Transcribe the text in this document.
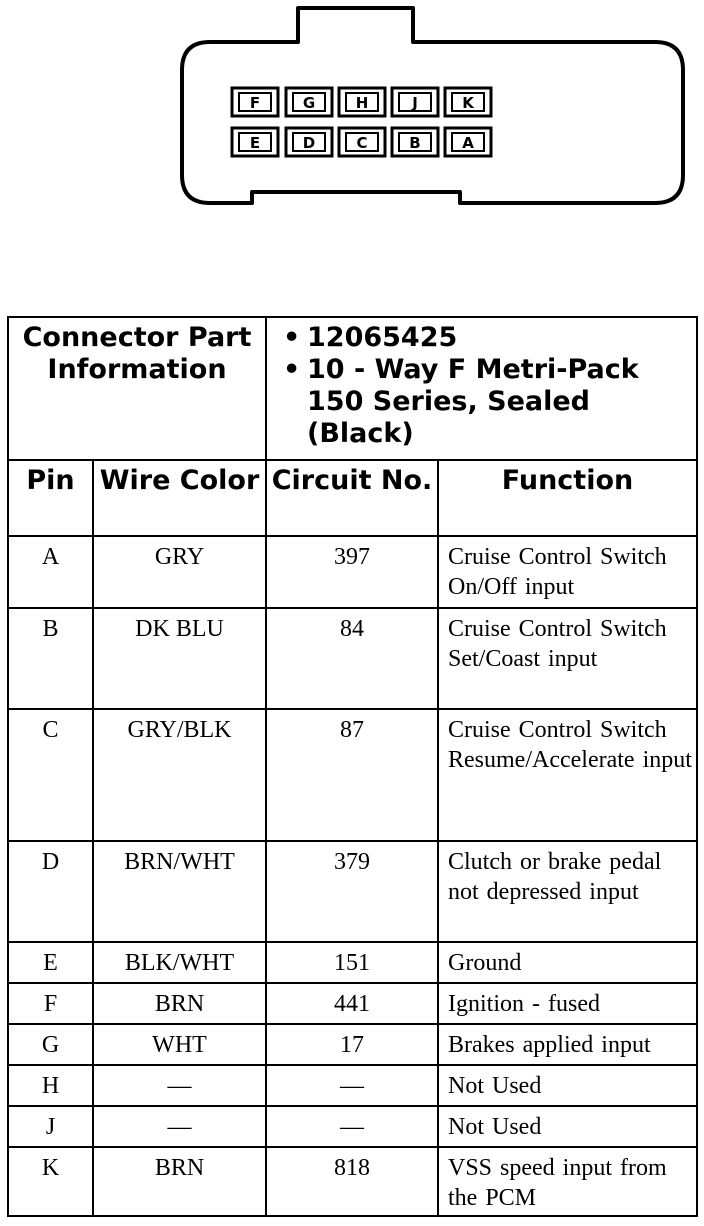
F	G	H	J	K
E	D	C	B	A
Connector Part Information		• 12065425
• 10 - Way F Metri-Pack
150 Series, Sealed
(Black)

Pin	Wire Color	Circuit No.	Function
A	GRY	397	Cruise Control Switch On/Off input
B	DK BLU	84	Cruise Control Switch Set/Coast input
C	GRY/BLK	87	Cruise Control Switch Resume/Accelerate input
D	BRN/WHT	379	Clutch or brake pedal not depressed input
E	BLK/WHT	151	Ground
F	BRN	441	Ignition - fused
G	WHT	17	Brakes applied input
H	—	—	Not Used
J	—	—	Not Used
K	BRN	818	VSS speed input from the PCM
